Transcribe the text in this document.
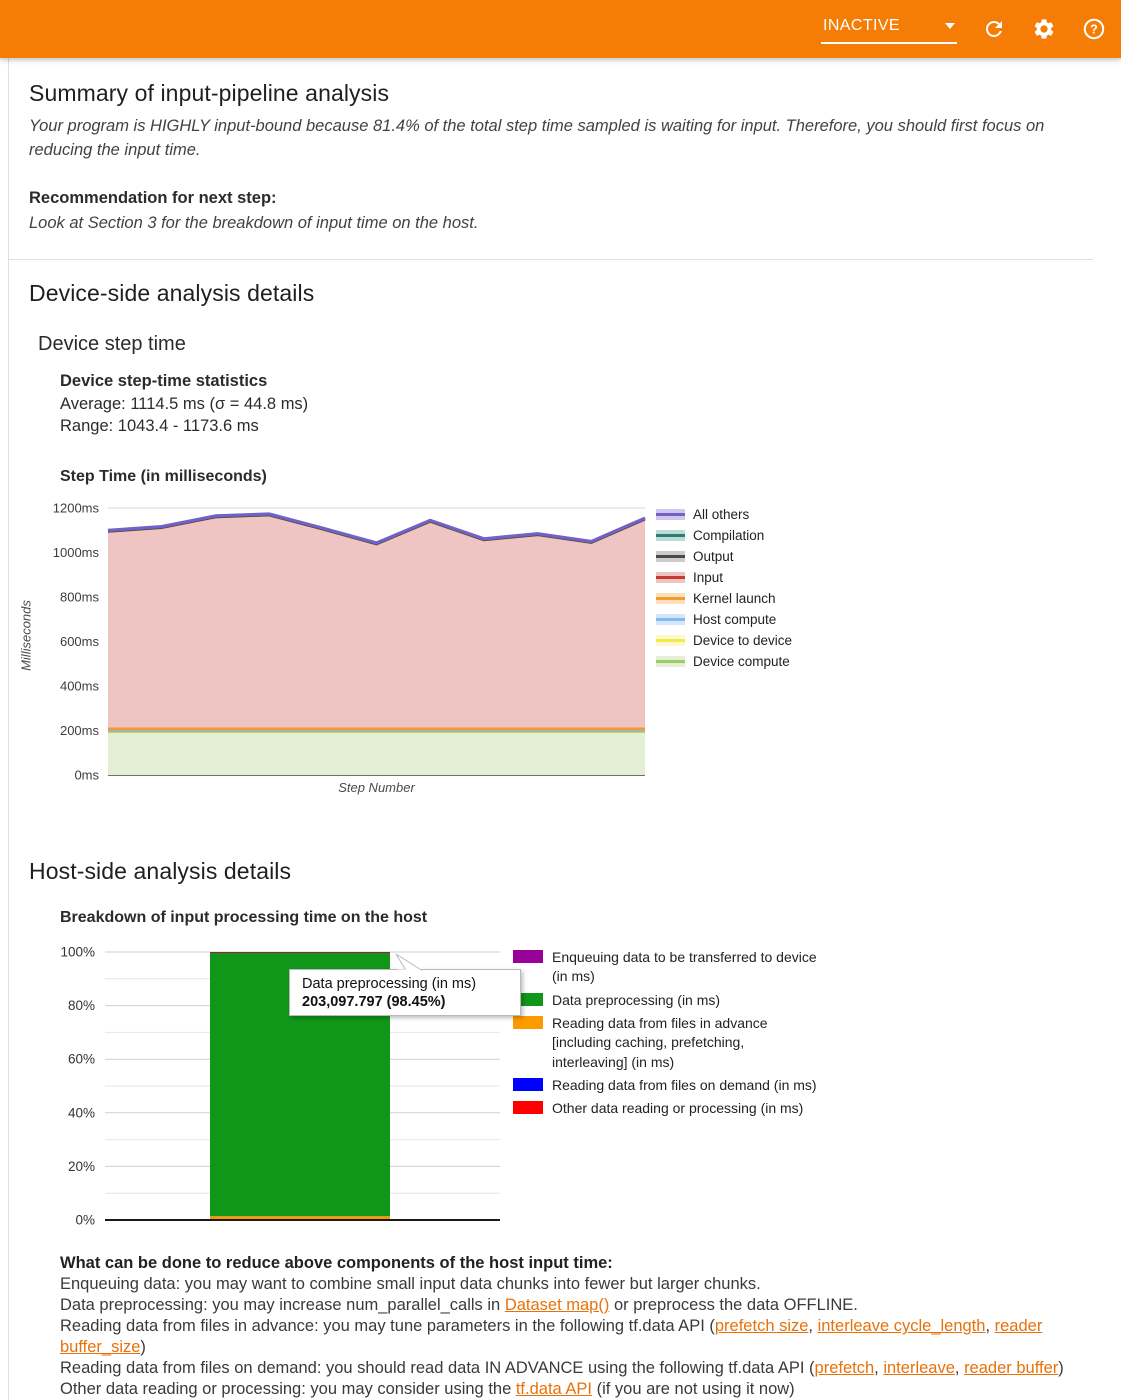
INACTIVE	?
Summary of input-pipeline analysis
Your program is HIGHLY input-bound because 81.4% of the total step time sampled is waiting for input. Therefore, you should first focus on reducing the input time.
Recommendation for next step:
Look at Section 3 for the breakdown of input time on the host.
Device-side analysis details
Device step time
Device step-time statistics
Average: 1114.5 ms (σ = 44.8 ms)
Range: 1043.4 - 1173.6 ms
Step Time (in milliseconds)
0ms
200ms
400ms
600ms
800ms
1000ms
1200ms
Milliseconds
Step Number
All others
Compilation
Output
Input
Kernel launch
Host compute
Device to device
Device compute
Host-side analysis details
Breakdown of input processing time on the host
0%
20%
40%
60%
80%
100%
Data preprocessing (in ms)
203,097.797 (98.45%)
Enqueuing data to be transferred to device (in ms)
Data preprocessing (in ms)
Reading data from files in advance [including caching, prefetching, interleaving] (in ms)
Reading data from files on demand (in ms)
Other data reading or processing (in ms)
What can be done to reduce above components of the host input time:
Enqueuing data: you may want to combine small input data chunks into fewer but larger chunks.
Data preprocessing: you may increase num_parallel_calls in Dataset map() or preprocess the data OFFLINE.
Reading data from files in advance: you may tune parameters in the following tf.data API (prefetch size, interleave cycle_length, reader buffer_size)
Reading data from files on demand: you should read data IN ADVANCE using the following tf.data API (prefetch, interleave, reader buffer)
Other data reading or processing: you may consider using the tf.data API (if you are not using it now)
